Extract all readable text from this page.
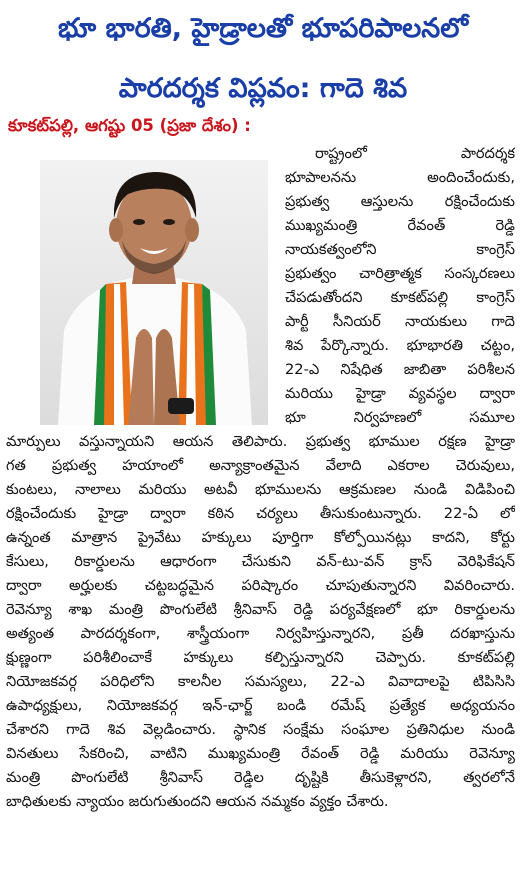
భూ భారతి, హైడ్రాలతో భూపరిపాలనలో
పారదర్శక విప్లవం: గాదె శివ
కూకట్‌పల్లి, ఆగష్టు 05 (ప్రజా దేశం) :
రాష్ట్రంలో పారదర్శక
భూపాలనను అందించేందుకు,
ప్రభుత్వ ఆస్తులను రక్షించేందుకు
ముఖ్యమంత్రి రేవంత్ రెడ్డి
నాయకత్వంలోని కాంగ్రెస్
ప్రభుత్వం చారిత్రాత్మక సంస్కరణలు
చేపడుతోందని కూకట్‌పల్లి కాంగ్రెస్
పార్టీ సీనియర్ నాయకులు గాదె
శివ పేర్కొన్నారు. భూభారతి చట్టం,
22-ఎ నిషేధిత జాబితా పరిశీలన
మరియు హైడ్రా వ్యవస్థల ద్వారా
భూ నిర్వహణలో సమూల
మార్పులు వస్తున్నాయని ఆయన తెలిపారు. ప్రభుత్వ భూముల రక్షణ హైడ్రా
గత ప్రభుత్వ హయాంలో అన్యాక్రాంతమైన వేలాది ఎకరాల చెరువులు,
కుంటలు, నాలాలు మరియు అటవీ భూములను ఆక్రమణల నుండి విడిపించి
రక్షించేందుకు హైడ్రా ద్వారా కఠిన చర్యలు తీసుకుంటున్నారు. 22-ఏ లో
ఉన్నంత మాత్రాన ప్రైవేటు హక్కులు పూర్తిగా కోల్పోయినట్లు కాదని, కోర్టు
కేసులు, రికార్డులను ఆధారంగా చేసుకుని వన్-టు-వన్ క్రాస్ వెరిఫికేషన్
ద్వారా అర్హులకు చట్టబద్ధమైన పరిష్కారం చూపుతున్నారని వివరించారు.
రెవెన్యూ శాఖ మంత్రి పొంగులేటి శ్రీనివాస్ రెడ్డి పర్యవేక్షణలో భూ రికార్డులను
అత్యంత పారదర్శకంగా, శాస్త్రీయంగా నిర్వహిస్తున్నారని, ప్రతీ దరఖాస్తును
క్షుణ్ణంగా పరిశీలించాకే హక్కులు కల్పిస్తున్నారని చెప్పారు. కూకట్‌పల్లి
నియోజకవర్గ పరిధిలోని కాలనీల సమస్యలు, 22-ఎ వివాదాలపై టిపిసిసి
ఉపాధ్యక్షులు, నియోజకవర్గ ఇన్-ఛార్జ్ బండి రమేష్ ప్రత్యేక అధ్యయనం
చేశారని గాదె శివ వెల్లడించారు. స్థానిక సంక్షేమ సంఘాల ప్రతినిధుల నుండి
వినతులు సేకరించి, వాటిని ముఖ్యమంత్రి రేవంత్ రెడ్డి మరియు రెవెన్యూ
మంత్రి పొంగులేటి శ్రీనివాస్ రెడ్డిల దృష్టికి తీసుకెళ్లారని, త్వరలోనే
బాధితులకు న్యాయం జరుగుతుందని ఆయన నమ్మకం వ్యక్తం చేశారు.
